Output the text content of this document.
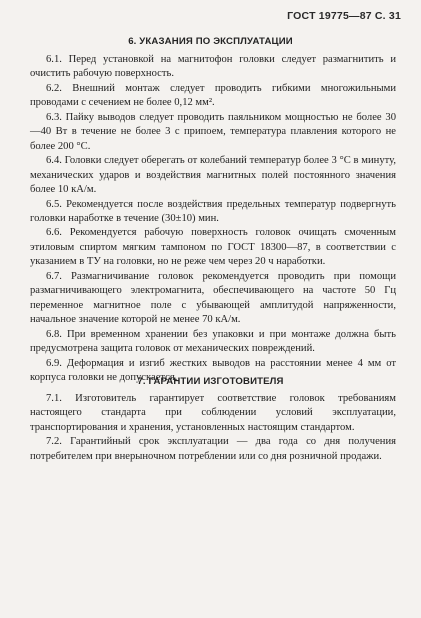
ГОСТ 19775—87 С. 31
6. УКАЗАНИЯ ПО ЭКСПЛУАТАЦИИ

6.1. Перед установкой на магнитофон головки следует размагнитить и очистить рабочую поверхность.

6.2. Внешний монтаж следует проводить гибкими многожильными проводами с сечением не более 0,12 мм².

6.3. Пайку выводов следует проводить паяльником мощностью не более 30—40 Вт в течение не более 3 с припоем, температура плавления которого не более 200 °С.

6.4. Головки следует оберегать от колебаний температур более 3 °С в минуту, механических ударов и воздействия магнитных полей постоянного значения более 10 кА/м.

6.5. Рекомендуется после воздействия предельных температур подвергнуть головки наработке в течение (30±10) мин.

6.6. Рекомендуется рабочую поверхность головок очищать смоченным этиловым спиртом мягким тампоном по ГОСТ 18300—87, в соответствии с указанием в ТУ на головки, но не реже чем через 20 ч наработки.

6.7. Размагничивание головок рекомендуется проводить при помощи размагничивающего электромагнита, обеспечивающего на частоте 50 Гц переменное магнитное поле с убывающей амплитудой напряженности, начальное значение которой не менее 70 кА/м.

6.8. При временном хранении без упаковки и при монтаже должна быть предусмотрена защита головок от механических повреждений.

6.9. Деформация и изгиб жестких выводов на расстоянии менее 4 мм от корпуса головки не допускается.

7. ГАРАНТИИ ИЗГОТОВИТЕЛЯ

7.1. Изготовитель гарантирует соответствие головок требованиям настоящего стандарта при соблюдении условий эксплуатации, транспортирования и хранения, установленных настоящим стандартом.

7.2. Гарантийный срок эксплуатации — два года со дня получения потребителем при внерыночном потреблении или со дня розничной продажи.
